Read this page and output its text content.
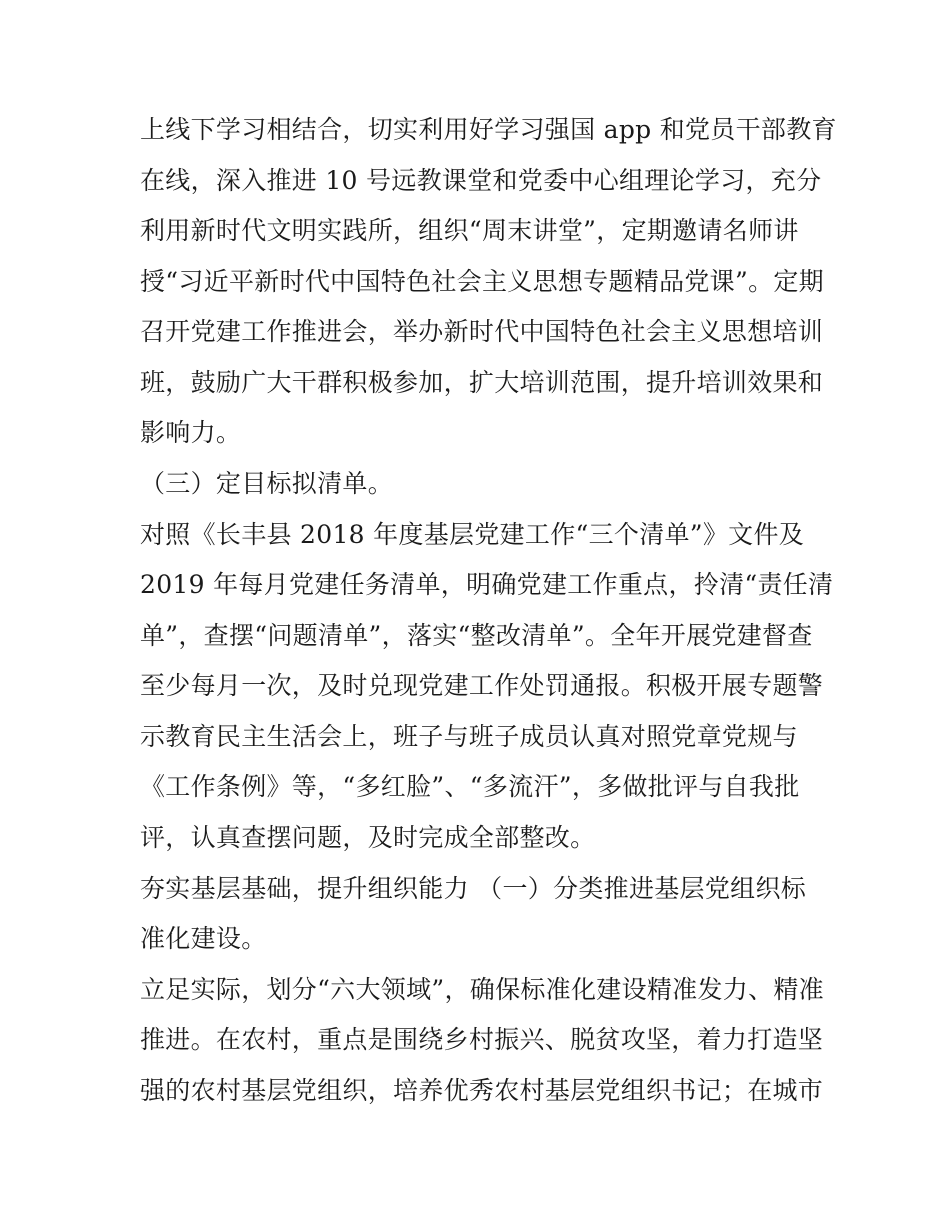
上线下学习相结合，切实利用好学习强国 app 和党员干部教育
在线，深入推进 10 号远教课堂和党委中心组理论学习，充分
利用新时代文明实践所，组织“周末讲堂”，定期邀请名师讲
授“习近平新时代中国特色社会主义思想专题精品党课”。定期
召开党建工作推进会，举办新时代中国特色社会主义思想培训
班，鼓励广大干群积极参加，扩大培训范围，提升培训效果和
影响力。
（三）定目标拟清单。
对照《长丰县 2018 年度基层党建工作“三个清单”》文件及
2019 年每月党建任务清单，明确党建工作重点，拎清“责任清
单”，查摆“问题清单”，落实“整改清单”。全年开展党建督查
至少每月一次，及时兑现党建工作处罚通报。积极开展专题警
示教育民主生活会上，班子与班子成员认真对照党章党规与
《工作条例》等，“多红脸”、“多流汗”，多做批评与自我批
评，认真查摆问题，及时完成全部整改。
夯实基层基础，提升组织能力 （一）分类推进基层党组织标
准化建设。
立足实际，划分“六大领域”，确保标准化建设精准发力、精准
推进。在农村，重点是围绕乡村振兴、脱贫攻坚，着力打造坚
强的农村基层党组织，培养优秀农村基层党组织书记；在城市
